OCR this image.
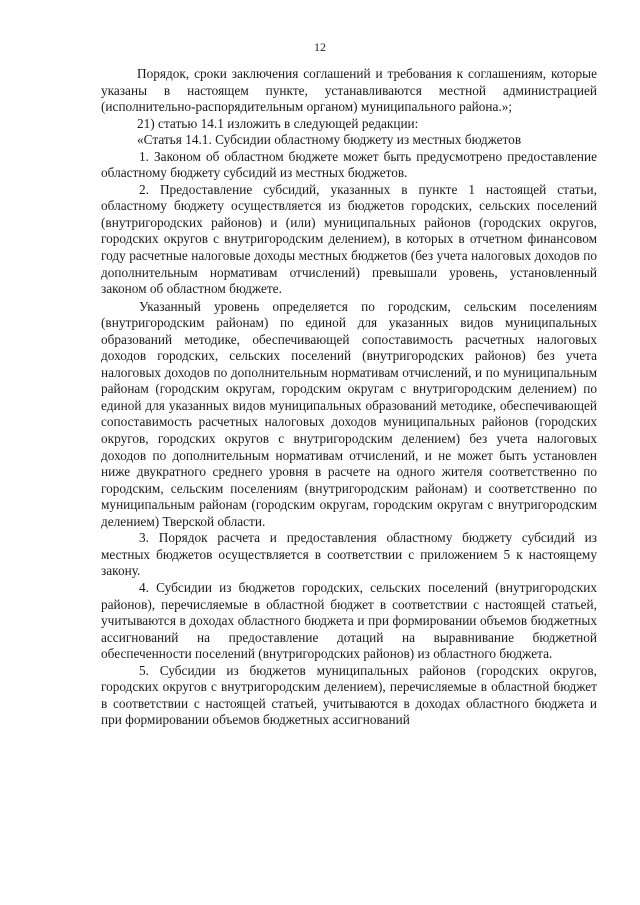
12

Порядок, сроки заключения соглашений и требования к соглашениям, которые указаны в настоящем пункте, устанавливаются местной администрацией (исполнительно-распорядительным органом) муниципального района.»;

21) статью 14.1 изложить в следующей редакции:

«Статья 14.1. Субсидии областному бюджету из местных бюджетов

1. Законом об областном бюджете может быть предусмотрено предоставление областному бюджету субсидий из местных бюджетов.

2. Предоставление субсидий, указанных в пункте 1 настоящей статьи, областному бюджету осуществляется из бюджетов городских, сельских поселений (внутригородских районов) и (или) муниципальных районов (городских округов, городских округов с внутригородским делением), в которых в отчетном финансовом году расчетные налоговые доходы местных бюджетов (без учета налоговых доходов по дополнительным нормативам отчислений) превышали уровень, установленный законом об областном бюджете.

Указанный уровень определяется по городским, сельским поселениям (внутригородским районам) по единой для указанных видов муниципальных образований методике, обеспечивающей сопоставимость расчетных налоговых доходов городских, сельских поселений (внутригородских районов) без учета налоговых доходов по дополнительным нормативам отчислений, и по муниципальным районам (городским округам, городским округам с внутригородским делением) по единой для указанных видов муниципальных образований методике, обеспечивающей сопоставимость расчетных налоговых доходов муниципальных районов (городских округов, городских округов с внутригородским делением) без учета налоговых доходов по дополнительным нормативам отчислений, и не может быть установлен ниже двукратного среднего уровня в расчете на одного жителя соответственно по городским, сельским поселениям (внутригородским районам) и соответственно по муниципальным районам (городским округам, городским округам с внутригородским делением) Тверской области.

3. Порядок расчета и предоставления областному бюджету субсидий из местных бюджетов осуществляется в соответствии с приложением 5 к настоящему закону.

4. Субсидии из бюджетов городских, сельских поселений (внутригородских районов), перечисляемые в областной бюджет в соответствии с настоящей статьей, учитываются в доходах областного бюджета и при формировании объемов бюджетных ассигнований на предоставление дотаций на выравнивание бюджетной обеспеченности поселений (внутригородских районов) из областного бюджета.

5. Субсидии из бюджетов муниципальных районов (городских округов, городских округов с внутригородским делением), перечисляемые в областной бюджет в соответствии с настоящей статьей, учитываются в доходах областного бюджета и при формировании объемов бюджетных ассигнований
